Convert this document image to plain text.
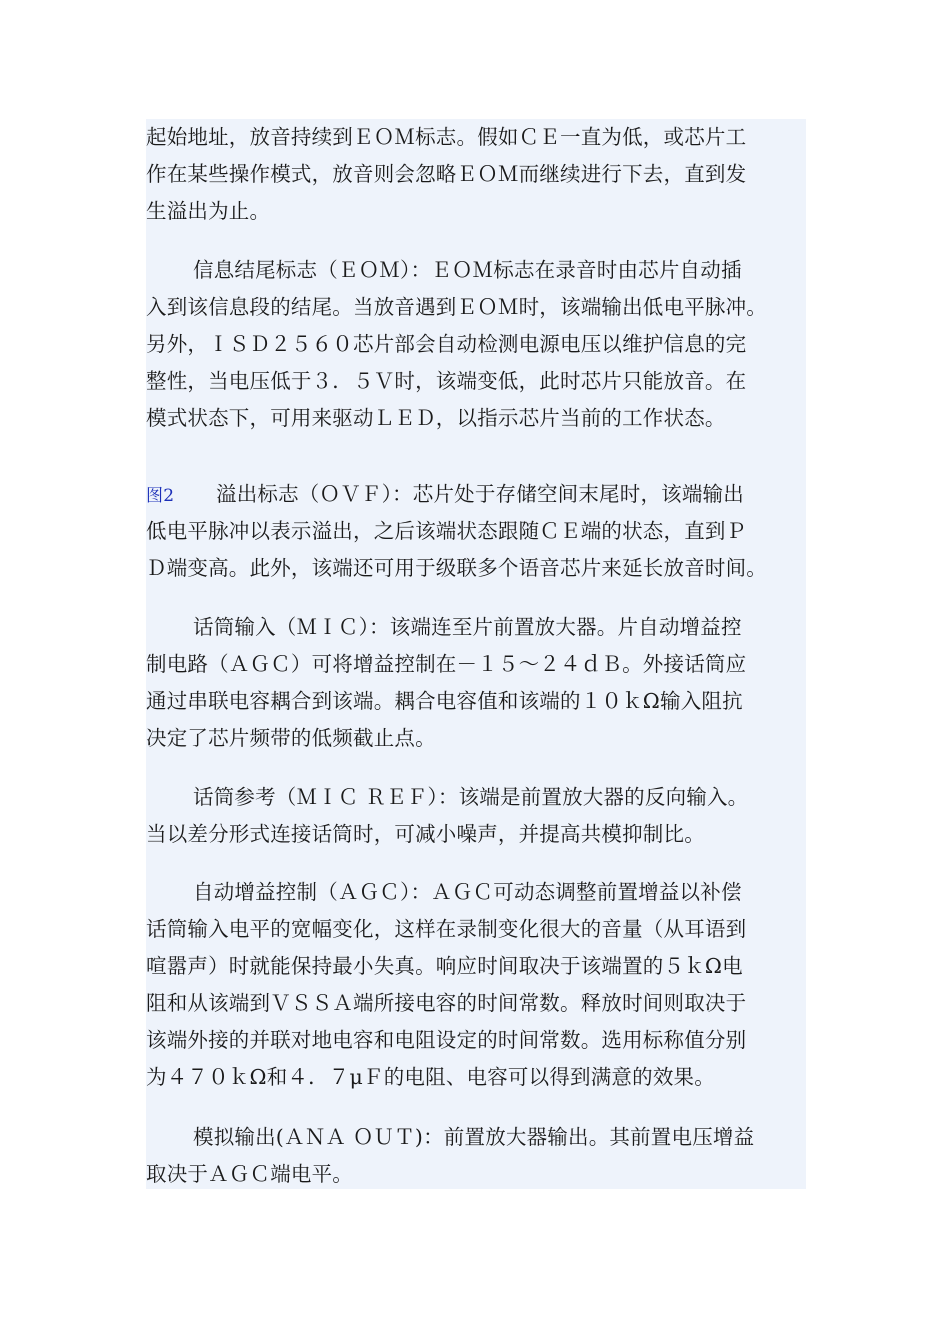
起始地址，放音持续到ＥＯＭ标志。假如ＣＥ一直为低，或芯片工
作在某些操作模式，放音则会忽略ＥＯＭ而继续进行下去，直到发
生溢出为止。

信息结尾标志（ＥＯＭ）：ＥＯＭ标志在录音时由芯片自动插
入到该信息段的结尾。当放音遇到ＥＯＭ时，该端输出低电平脉冲。
另外，ＩＳＤ２５６０芯片部会自动检测电源电压以维护信息的完
整性，当电压低于３．５Ｖ时，该端变低，此时芯片只能放音。在
模式状态下，可用来驱动ＬＥＤ，以指示芯片当前的工作状态。

图2 溢出标志（ＯＶＦ）：芯片处于存储空间末尾时，该端输出
低电平脉冲以表示溢出，之后该端状态跟随ＣＥ端的状态，直到Ｐ
Ｄ端变高。此外，该端还可用于级联多个语音芯片来延长放音时间。

话筒输入（ＭＩＣ）：该端连至片前置放大器。片自动增益控
制电路（ＡＧＣ）可将增益控制在－１５～２４ｄＢ。外接话筒应
通过串联电容耦合到该端。耦合电容值和该端的１０ｋΩ输入阻抗
决定了芯片频带的低频截止点。

话筒参考（ＭＩＣ ＲＥＦ）：该端是前置放大器的反向输入。
当以差分形式连接话筒时，可减小噪声，并提高共模抑制比。

自动增益控制（ＡＧＣ）：ＡＧＣ可动态调整前置增益以补偿
话筒输入电平的宽幅变化，这样在录制变化很大的音量（从耳语到
喧嚣声）时就能保持最小失真。响应时间取决于该端置的５ｋΩ电
阻和从该端到ＶＳＳＡ端所接电容的时间常数。释放时间则取决于
该端外接的并联对地电容和电阻设定的时间常数。选用标称值分别
为４７０ｋΩ和４．７μＦ的电阻、电容可以得到满意的效果。

模拟输出(ＡＮＡ ＯＵＴ)：前置放大器输出。其前置电压增益
取决于ＡＧＣ端电平。
